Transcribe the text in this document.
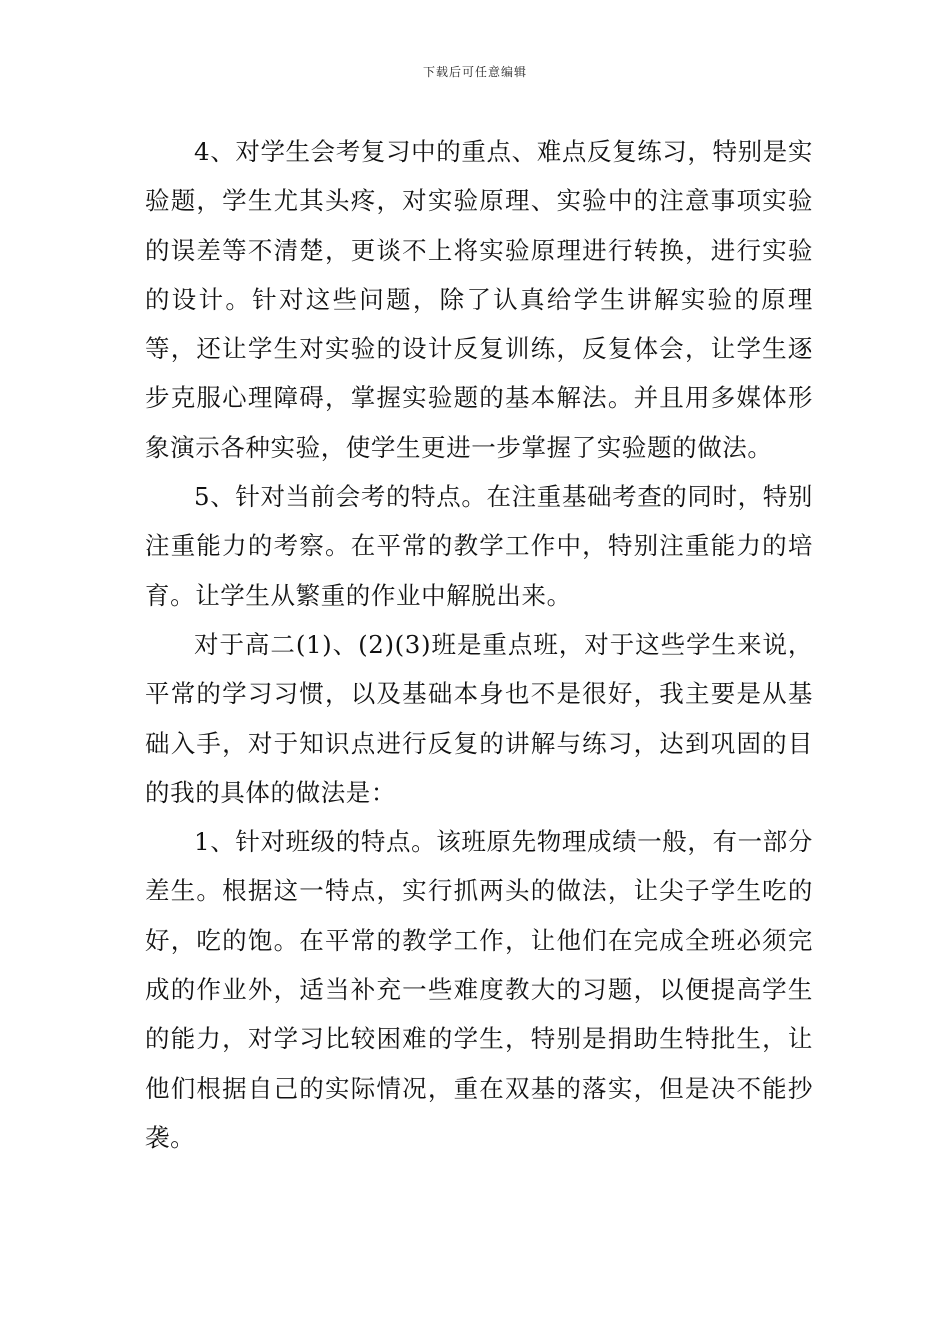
下载后可任意编辑

4、对学生会考复习中的重点、难点反复练习，特别是实验题，学生尤其头疼，对实验原理、实验中的注意事项实验的误差等不清楚，更谈不上将实验原理进行转换，进行实验的设计。针对这些问题，除了认真给学生讲解实验的原理等，还让学生对实验的设计反复训练，反复体会，让学生逐步克服心理障碍，掌握实验题的基本解法。并且用多媒体形象演示各种实验，使学生更进一步掌握了实验题的做法。

5、针对当前会考的特点。在注重基础考查的同时，特别注重能力的考察。在平常的教学工作中，特别注重能力的培育。让学生从繁重的作业中解脱出来。

对于高二(1)、(2)(3)班是重点班，对于这些学生来说，平常的学习习惯，以及基础本身也不是很好，我主要是从基础入手，对于知识点进行反复的讲解与练习，达到巩固的目的我的具体的做法是：

1、针对班级的特点。该班原先物理成绩一般，有一部分差生。根据这一特点，实行抓两头的做法，让尖子学生吃的好，吃的饱。在平常的教学工作，让他们在完成全班必须完成的作业外，适当补充一些难度教大的习题，以便提高学生的能力，对学习比较困难的学生，特别是捐助生特批生，让他们根据自己的实际情况，重在双基的落实，但是决不能抄袭。
